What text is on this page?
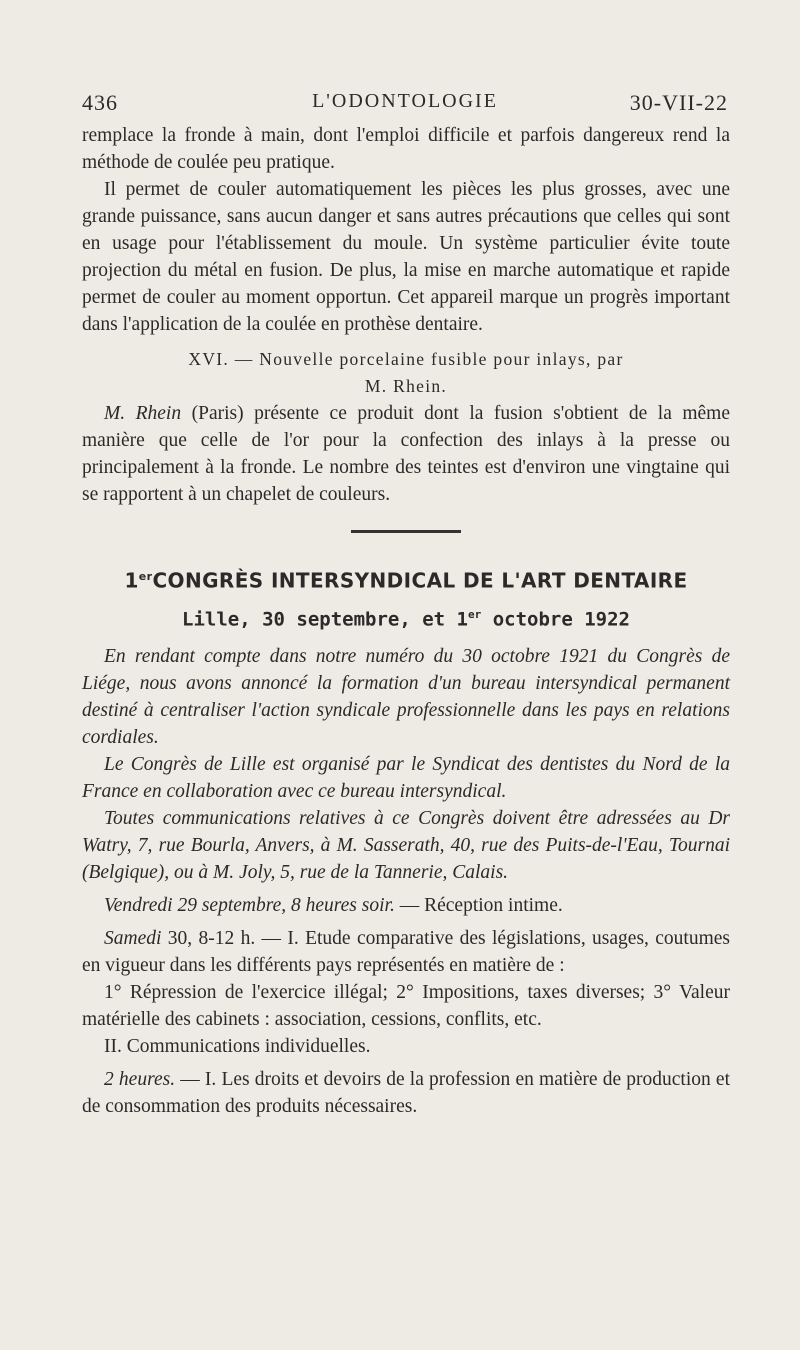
436	L'ODONTOLOGIE	30-VII-22

remplace la fronde à main, dont l'emploi difficile et parfois dangereux rend la méthode de coulée peu pratique.

Il permet de couler automatiquement les pièces les plus grosses, avec une grande puissance, sans aucun danger et sans autres précautions que celles qui sont en usage pour l'établissement du moule. Un système particulier évite toute projection du métal en fusion. De plus, la mise en marche automatique et rapide permet de couler au moment opportun. Cet appareil marque un progrès important dans l'application de la coulée en prothèse dentaire.

XVI. — Nouvelle porcelaine fusible pour inlays, par
M. Rhein.

M. Rhein (Paris) présente ce produit dont la fusion s'obtient de la même manière que celle de l'or pour la confection des inlays à la presse ou principalement à la fronde. Le nombre des teintes est d'environ une vingtaine qui se rapportent à un chapelet de couleurs.

1erCONGRÈS INTERSYNDICAL DE L'ART DENTAIRE
Lille, 30 septembre, et 1er octobre 1922

En rendant compte dans notre numéro du 30 octobre 1921 du Congrès de Liége, nous avons annoncé la formation d'un bureau intersyndical permanent destiné à centraliser l'action syndicale professionnelle dans les pays en relations cordiales.

Le Congrès de Lille est organisé par le Syndicat des dentistes du Nord de la France en collaboration avec ce bureau intersyndical.

Toutes communications relatives à ce Congrès doivent être adressées au Dr Watry, 7, rue Bourla, Anvers, à M. Sasserath, 40, rue des Puits-de-l'Eau, Tournai (Belgique), ou à M. Joly, 5, rue de la Tannerie, Calais.

Vendredi 29 septembre, 8 heures soir. — Réception intime.

Samedi 30, 8-12 h. — I. Etude comparative des législations, usages, coutumes en vigueur dans les différents pays représentés en matière de :

1° Répression de l'exercice illégal; 2° Impositions, taxes diverses; 3° Valeur matérielle des cabinets : association, cessions, conflits, etc.

II. Communications individuelles.

2 heures. — I. Les droits et devoirs de la profession en matière de production et de consommation des produits nécessaires.
